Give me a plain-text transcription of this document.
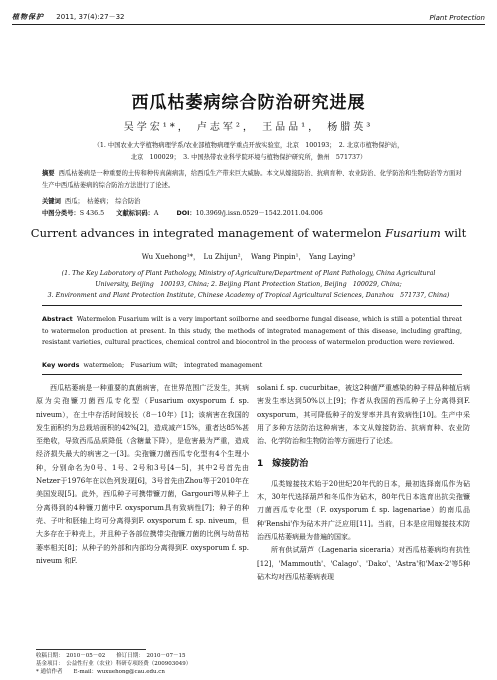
植物保护 2011, 37(4):27－32	Plant Protection
西瓜枯萎病综合防治研究进展
吴学宏¹*， 卢志军²， 王品品¹， 杨腊英³
（1. 中国农业大学植物病理学系/农业部植物病理学重点开放实验室，北京　100193；　2. 北京市植物保护站，
北京　100029；　3. 中国热带农业科学院环境与植物保护研究所，儋州　571737）
摘要 西瓜枯萎病是一种重要的土传和种传真菌病害，给西瓜生产带来巨大威胁。本文从嫁接防治、抗病育种、农业防治、化学防治和生物防治等方面对生产中西瓜枯萎病的综合防治方法进行了论述。
关键词 西瓜；　枯萎病；　综合防治
中图分类号：S 436.5 文献标识码：A	DOI：10.3969/j.issn.0529－1542.2011.04.006
Current advances in integrated management of watermelon Fusarium wilt
Wu Xuehong¹*，　Lu Zhijun²，　Wang Pinpin¹，　Yang Laying³
(1. The Key Laboratory of Plant Pathology, Ministry of Agriculture/Department of Plant Pathology, China Agricultural
University, Beijing　100193, China; 2. Beijing Plant Protection Station, Beijing　100029, China;
3. Environment and Plant Protection Institute, Chinese Academy of Tropical Agricultural Sciences, Danzhou　571737, China)
Abstract Watermelon Fusarium wilt is a very important soilborne and seedborne fungal disease, which is still a potential threat to watermelon production at present. In this study, the methods of integrated management of this disease, including grafting, resistant varieties, cultural practices, chemical control and biocontrol in the process of watermelon production were reviewed.
Key words watermelon;　Fusarium wilt;　integrated management

西瓜枯萎病是一种重要的真菌病害，在世界范围广泛发生，其病原为尖孢镰刀菌西瓜专化型（Fusarium oxysporum f. sp. niveum），在土中存活时间较长（8－10年）[1]；该病害在我国的发生面积约为总栽培面积的42%[2]，造成减产15%，重者达85%甚至绝收，导致西瓜品质降低（含糖量下降），是危害最为严重，造成经济损失最大的病害之一[3]。尖孢镰刀菌西瓜专化型有4个生理小种，分别命名为0号、1号、2号和3号[4－5]，其中2号首先由Netzer于1976年在以色列发现[6]，3号首先由Zhou等于2010年在美国发现[5]。此外，西瓜种子可携带镰刀菌，Gargouri等从种子上分离得到的4种镰刀菌中F. oxysporum具有致病性[7]；种子的种壳、子叶和胚轴上均可分离得到F. oxysporum f. sp. niveum，但大多存在于种壳上，并且种子各部位携带尖孢镰刀菌的比例与幼苗枯萎率相关[8]；从种子的外部和内部均分离得到F. oxysporum f. sp. niveum 和F.

solani f. sp. cucurbitae，被这2种菌严重感染的种子样品种植后病害发生率达到50%以上[9]；作者从我国的西瓜种子上分离得到F. oxysporum，其可降低种子的发芽率并具有致病性[10]。生产中采用了多种方法防治这种病害，本文从嫁接防治、抗病育种、农业防治、化学防治和生物防治等方面进行了论述。

1　嫁接防治

瓜类嫁接技术始于20世纪20年代的日本，最初选择南瓜作为砧木，30年代选择葫芦和冬瓜作为砧木，80年代日本选育出抗尖孢镰刀菌西瓜专化型（F. oxysporum f. sp. lagenariae）的南瓜品种'Renshi'作为砧木并广泛应用[11]。当前，日本是应用嫁接技术防治西瓜枯萎病最为普遍的国家。

所有供试葫芦（Lagenaria siceraria）对西瓜枯萎病均有抗性[12]，'Mammouth'、'Calago'、'Dako'、'Astra'和'Max-2'等5种砧木均对西瓜枯萎病表现

收稿日期：　2010－05－02　　修订日期：　2010－07－15
基金项目：　公益性行业（农业）科研专项经费（200903049）
* 通信作者　　E-mail：wuxuehong@cau.edu.cn
